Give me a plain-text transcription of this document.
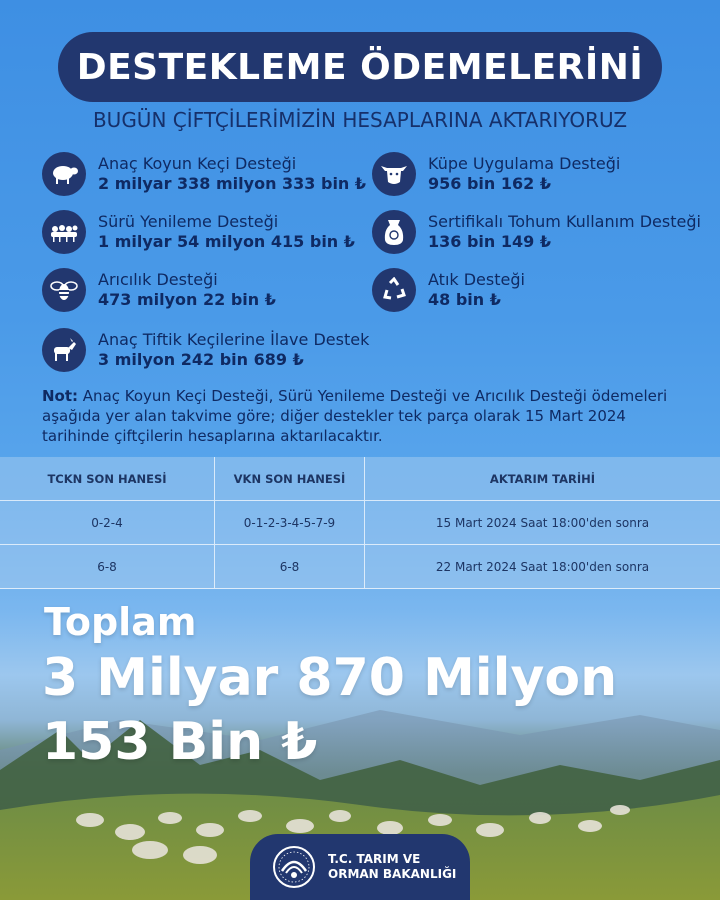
DESTEKLEME ÖDEMELERİNİ
BUGÜN ÇİFTÇİLERİMİZİN HESAPLARINA AKTARIYORUZ
Anaç Koyun Keçi Desteği
2 milyar 338 milyon 333 bin ₺
Sürü Yenileme Desteği
1 milyar 54 milyon 415 bin ₺
Arıcılık Desteği
473 milyon 22 bin ₺
Anaç Tiftik Keçilerine İlave Destek
3 milyon 242 bin 689 ₺
Küpe Uygulama Desteği
956 bin 162 ₺
Sertifikalı Tohum Kullanım Desteği
136 bin 149 ₺
Atık Desteği
48 bin ₺
Not: Anaç Koyun Keçi Desteği, Sürü Yenileme Desteği ve Arıcılık Desteği ödemeleri aşağıda yer alan takvime göre; diğer destekler tek parça olarak 15 Mart 2024 tarihinde çiftçilerin hesaplarına aktarılacaktır.
TCKN SON HANESİ	VKN SON HANESİ	AKTARIM TARİHİ
0-2-4	0-1-2-3-4-5-7-9	15 Mart 2024 Saat 18:00'den sonra
6-8	6-8	22 Mart 2024 Saat 18:00'den sonra
Toplam
3 Milyar 870 Milyon
153 Bin ₺
T.C. TARIM VE
ORMAN BAKANLIĞI
